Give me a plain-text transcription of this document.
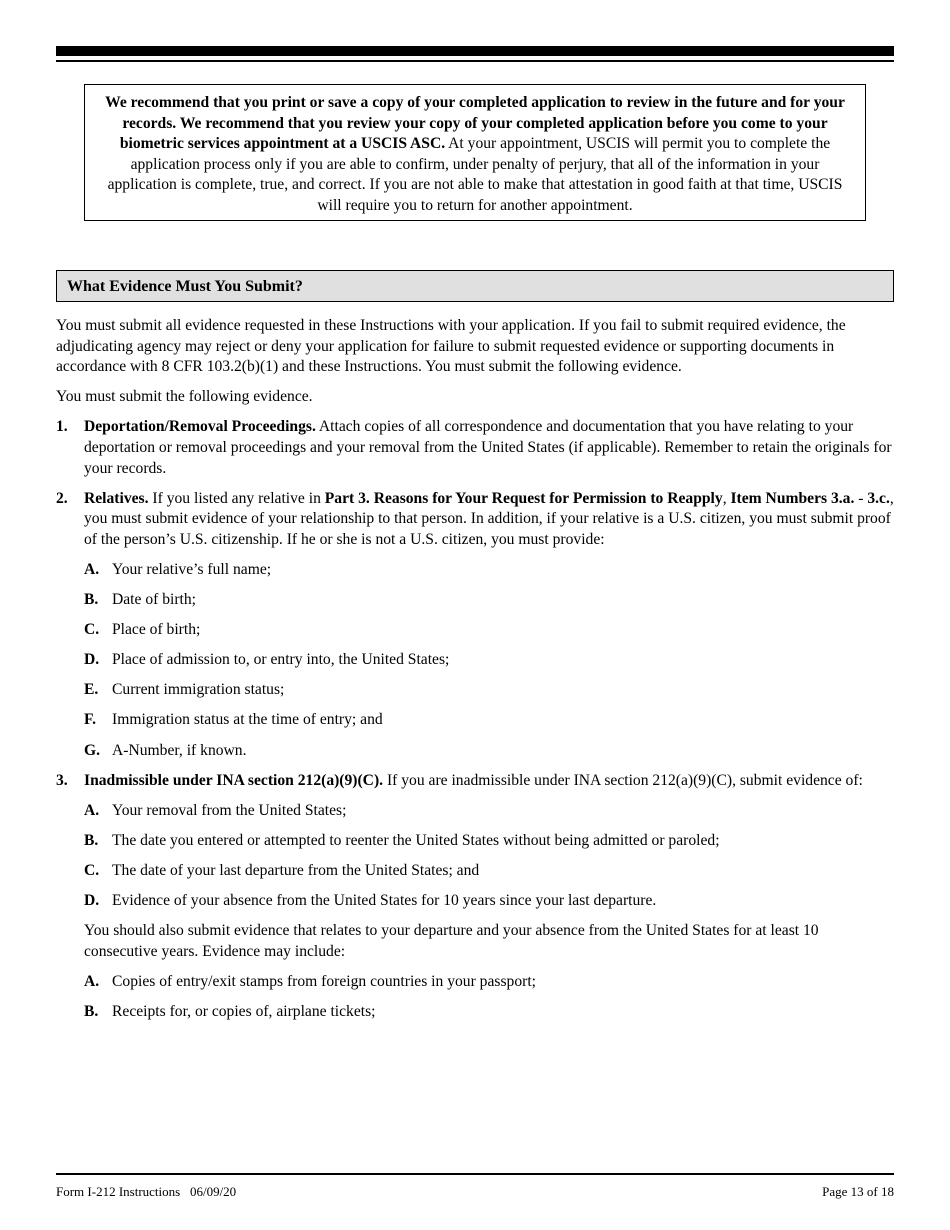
We recommend that you print or save a copy of your completed application to review in the future and for your records. We recommend that you review your copy of your completed application before you come to your biometric services appointment at a USCIS ASC. At your appointment, USCIS will permit you to complete the application process only if you are able to confirm, under penalty of perjury, that all of the information in your application is complete, true, and correct. If you are not able to make that attestation in good faith at that time, USCIS will require you to return for another appointment.
What Evidence Must You Submit?

You must submit all evidence requested in these Instructions with your application. If you fail to submit required evidence, the adjudicating agency may reject or deny your application for failure to submit requested evidence or supporting documents in accordance with 8 CFR 103.2(b)(1) and these Instructions. You must submit the following evidence.

You must submit the following evidence.

1.	Deportation/Removal Proceedings. Attach copies of all correspondence and documentation that you have relating to your deportation or removal proceedings and your removal from the United States (if applicable). Remember to retain the originals for your records.
2.	Relatives. If you listed any relative in Part 3. Reasons for Your Request for Permission to Reapply, Item Numbers 3.a. - 3.c., you must submit evidence of your relationship to that person. In addition, if your relative is a U.S. citizen, you must submit proof of the person’s U.S. citizenship. If he or she is not a U.S. citizen, you must provide:
A. Your relative’s full name;
B. Date of birth;
C. Place of birth;
D. Place of admission to, or entry into, the United States;
E. Current immigration status;
F.	Immigration status at the time of entry; and
G. A-Number, if known.
3.	Inadmissible under INA section 212(a)(9)(C). If you are inadmissible under INA section 212(a)(9)(C), submit evidence of:
A. Your removal from the United States;
B. The date you entered or attempted to reenter the United States without being admitted or paroled;
C. The date of your last departure from the United States; and
D. Evidence of your absence from the United States for 10 years since your last departure.

You should also submit evidence that relates to your departure and your absence from the United States for at least 10 consecutive years. Evidence may include:

A. Copies of entry/exit stamps from foreign countries in your passport;
B. Receipts for, or copies of, airplane tickets;
Form I-212 Instructions   06/09/20	Page 13 of 18
